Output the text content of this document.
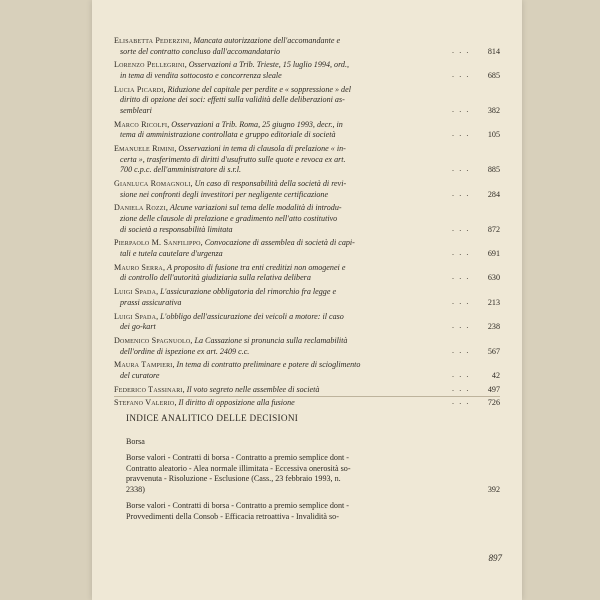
Elisabetta Pederzini, Mancata autorizzazione dell'accomandante e
sorte del contratto concluso dall'accomandatario	. . . 814
Lorenzo Pellegrini, Osservazioni a Trib. Trieste, 15 luglio 1994, ord.,
in tema di vendita sottocosto e concorrenza sleale	. . . 685
Lucia Picardi, Riduzione del capitale per perdite e « soppressione » del
diritto di opzione dei soci: effetti sulla validità delle deliberazioni as-
sembleari	. . . 382
Marco Ricolfi, Osservazioni a Trib. Roma, 25 giugno 1993, decr., in
tema di amministrazione controllata e gruppo editoriale di società	. . . 105
Emanuele Rimini, Osservazioni in tema di clausola di prelazione « in-
certa », trasferimento di diritti d'usufrutto sulle quote e revoca ex art.
700 c.p.c. dell'amministratore di s.r.l.	. . . 885
Gianluca Romagnoli, Un caso di responsabilità della società di revi-
sione nei confronti degli investitori per negligente certificazione	. . . 284
Daniela Rozzi, Alcune variazioni sul tema delle modalità di introdu-
zione delle clausole di prelazione e gradimento nell'atto costitutivo
di società a responsabilità limitata	. . . 872
Pierpaolo M. Sanfilippo, Convocazione di assemblea di società di capi-
tali e tutela cautelare d'urgenza	. . . 691
Mauro Serra, A proposito di fusione tra enti creditizi non omogenei e
di controllo dell'autorità giudiziaria sulla relativa delibera	. . . 630
Luigi Spada, L'assicurazione obbligatoria del rimorchio fra legge e
prassi assicurativa	. . . 213
Luigi Spada, L'obbligo dell'assicurazione dei veicoli a motore: il caso
dei go-kart	. . . 238
Domenico Spagnuolo, La Cassazione si pronuncia sulla reclamabilità
dell'ordine di ispezione ex art. 2409 c.c.	. . . 567
Maura Tampieri, In tema di contratto preliminare e potere di scioglimento
del curatore	. . .	42
Federico Tassinari, Il voto segreto nelle assemblee di società	. . . 497
Stefano Valerio, Il diritto di opposizione alla fusione	. . . 726
INDICE ANALITICO DELLE DECISIONI
Borsa
Borse valori - Contratti di borsa - Contratto a premio semplice dont -
Contratto aleatorio - Alea normale illimitata - Eccessiva onerosità so-
pravvenuta - Risoluzione - Esclusione (Cass., 23 febbraio 1993, n.
2338)	392
Borse valori - Contratti di borsa - Contratto a premio semplice dont -
Provvedimenti della Consob - Efficacia retroattiva - Invalidità so-
897
